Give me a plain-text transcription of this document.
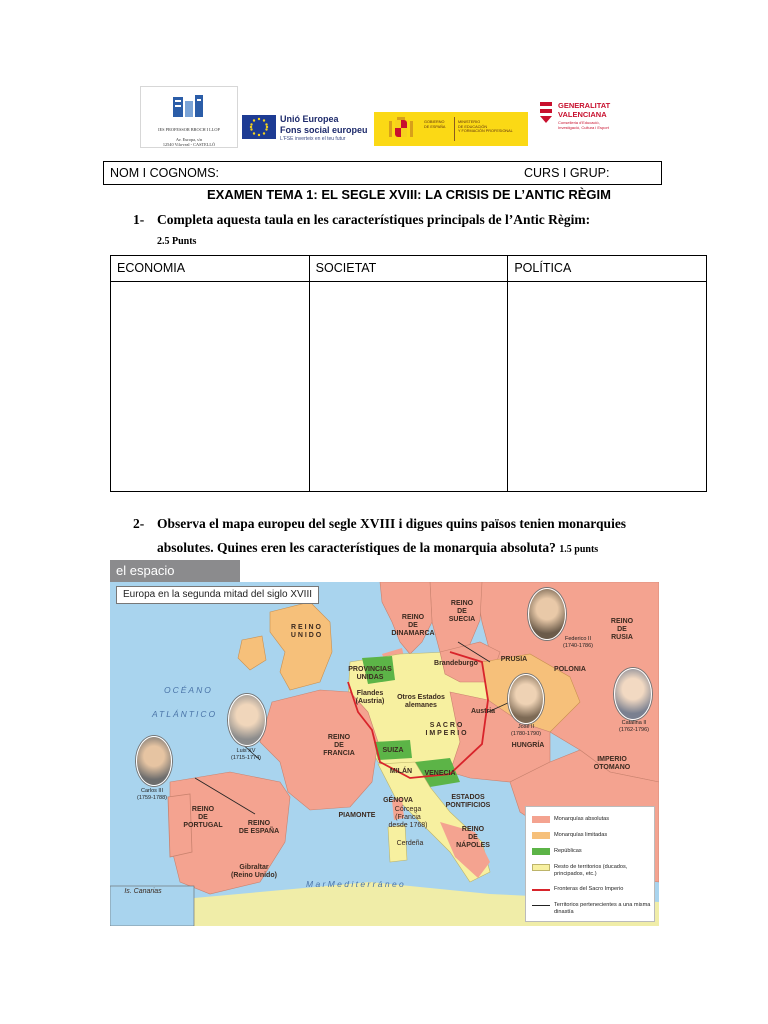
IES PROFESSOR BROCH I LLOP

Av. Europa, s/n
12540 Vila-real - CASTELLÓ

Unió Europea
Fons social europeu
L'FSE inverteix en el teu futur
GOBIERNO
DE ESPAÑA
MINISTERIO
DE EDUCACIÓN
Y FORMACIÓN PROFESIONAL
GENERALITAT
VALENCIANA
Conselleria d'Educació,
Investigació, Cultura i Esport
NOM I COGNOMS:	CURS I GRUP:
EXAMEN TEMA 1: EL SEGLE XVIII: LA CRISIS DE L’ANTIC RÈGIM
1- Completa aquesta taula en les característiques principals de l’Antic Règim:
2.5 Punts
ECONOMIA	SOCIETAT	POLÍTICA

2- Observa el mapa europeu del segle XVIII i digues quins països tenien monarquies
absolutes. Quines eren les característiques de la monarquia absoluta? 1.5 punts
el espacio
Europa en la segunda mitad del siglo XVIII
R E I N O
U N I D O
REINO
DE
DINAMARCA
REINO
DE
SUECIA	REINO
DE
RUSIA
PROVINCIAS
UNIDAS
Brandeburgo
PRUSIA
POLONIA
Flandes
(Austria)
Otros Estados
alemanes
S A C R O
I M P E R I O
Austria
HUNGRÍA
REINO
DE
FRANCIA	SUIZA
MILÁN	VENECIA
IMPERIO
OTOMANO
REINO
DE
PORTUGAL	REINO
DE ESPAÑA
GÉNOVA
Córcega
(Francia
desde 1768)
PIAMONTE
ESTADOS
PONTIFICIOS
REINO
DE
NÁPOLES
Cerdeña
Gibraltar
(Reino Unido)
Is. Canarias
OCÉANO
ATLÁNTICO
M a r M e d i t e r r á n e o
Federico II
(1740-1786)
José II
(1780-1790)
Catalina II
(1762-1796)
Luis XV
(1715-1774)
Carlos III
(1759-1788)
Monarquías absolutas
Monarquías limitadas
Repúblicas
Resto de territorios (ducados, principados, etc.)
Fronteras del Sacro Imperio
Territorios pertenecientes a una misma dinastía
